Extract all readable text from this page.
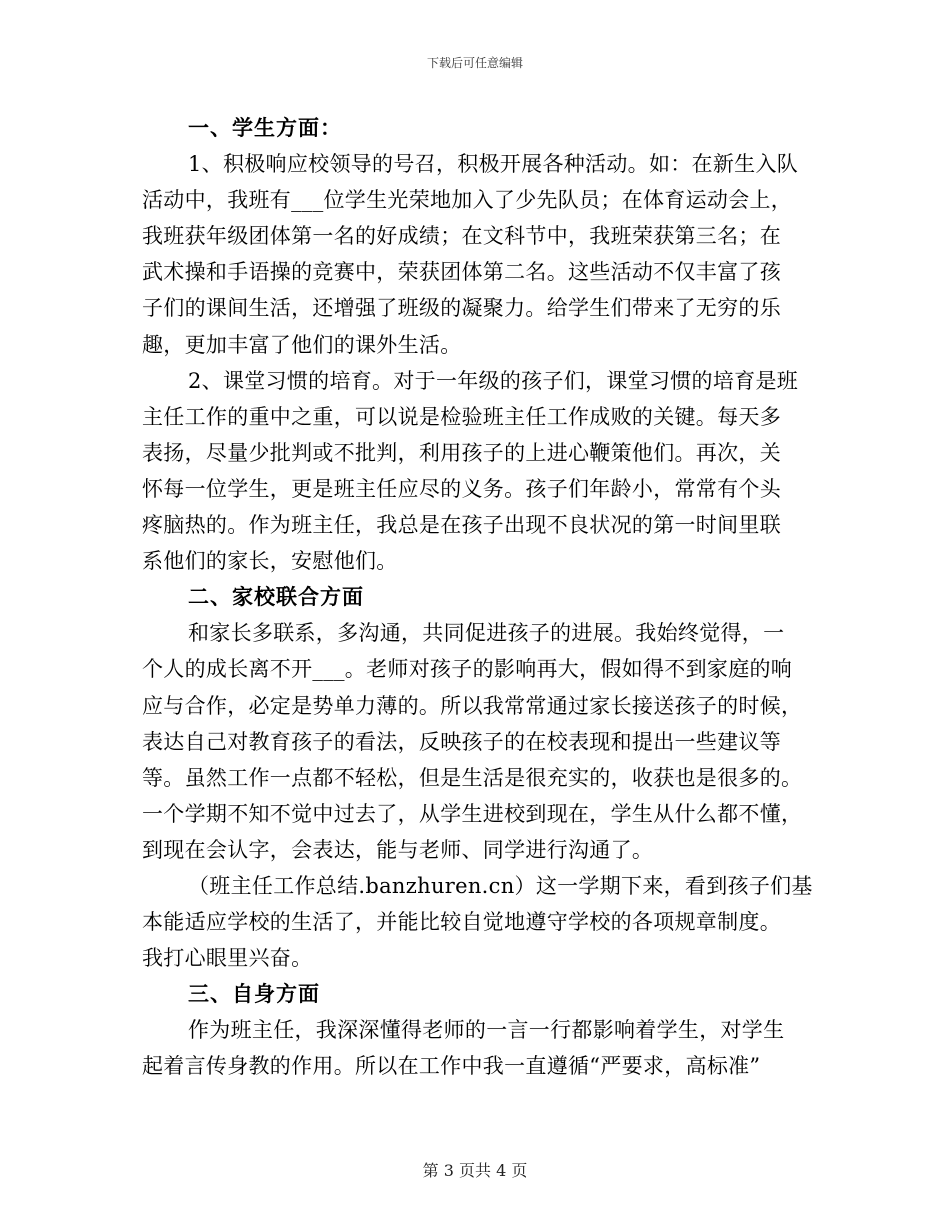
下载后可任意编辑
一、学生方面：

1、积极响应校领导的号召，积极开展各种活动。如：在新生入队
活动中，我班有___位学生光荣地加入了少先队员；在体育运动会上，
我班获年级团体第一名的好成绩；在文科节中，我班荣获第三名；在
武术操和手语操的竞赛中，荣获团体第二名。这些活动不仅丰富了孩
子们的课间生活，还增强了班级的凝聚力。给学生们带来了无穷的乐
趣，更加丰富了他们的课外生活。

2、课堂习惯的培育。对于一年级的孩子们，课堂习惯的培育是班
主任工作的重中之重，可以说是检验班主任工作成败的关键。每天多
表扬，尽量少批判或不批判，利用孩子的上进心鞭策他们。再次，关
怀每一位学生，更是班主任应尽的义务。孩子们年龄小，常常有个头
疼脑热的。作为班主任，我总是在孩子出现不良状况的第一时间里联
系他们的家长，安慰他们。

二、家校联合方面

和家长多联系，多沟通，共同促进孩子的进展。我始终觉得，一
个人的成长离不开___。老师对孩子的影响再大，假如得不到家庭的响
应与合作，必定是势单力薄的。所以我常常通过家长接送孩子的时候，
表达自己对教育孩子的看法，反映孩子的在校表现和提出一些建议等
等。虽然工作一点都不轻松，但是生活是很充实的，收获也是很多的。
一个学期不知不觉中过去了，从学生进校到现在，学生从什么都不懂，
到现在会认字，会表达，能与老师、同学进行沟通了。

（班主任工作总结.banzhuren.cn）这一学期下来，看到孩子们基
本能适应学校的生活了，并能比较自觉地遵守学校的各项规章制度。
我打心眼里兴奋。

三、自身方面

作为班主任，我深深懂得老师的一言一行都影响着学生，对学生
起着言传身教的作用。所以在工作中我一直遵循“严要求，高标准”

第 3 页共 4 页
